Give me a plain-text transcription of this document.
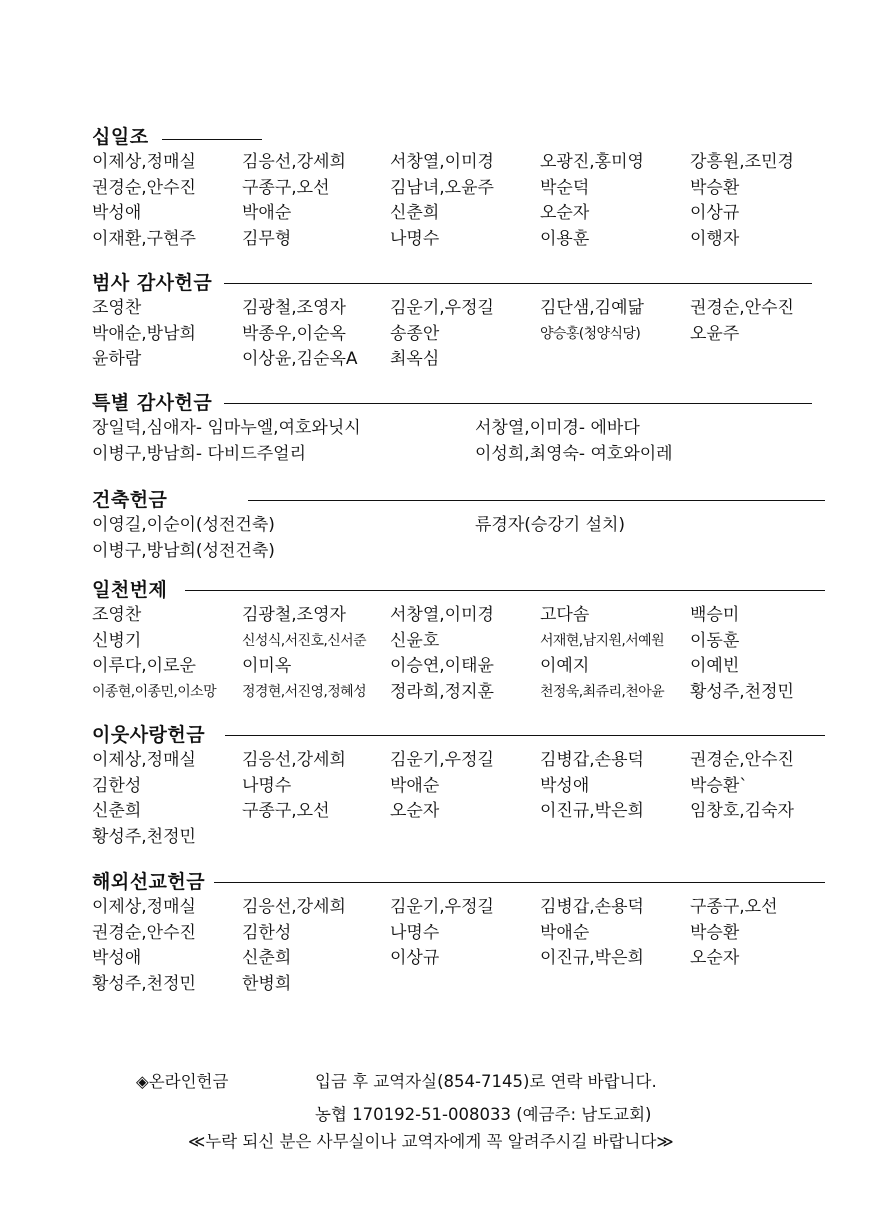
십일조
이제상,정매실	김응선,강세희	서창열,이미경	오광진,홍미영	강흥원,조민경
권경순,안수진	구종구,오선	김남녀,오윤주	박순덕	박승환
박성애	박애순	신춘희	오순자	이상규
이재환,구현주	김무형	나명수	이용훈	이행자
범사 감사헌금
조영찬	김광철,조영자	김운기,우정길	김단샘,김예닮	권경순,안수진
박애순,방남희	박종우,이순옥	송종안	양승홍(청양식당)	오윤주
윤하람	이상윤,김순옥A	최옥심
특별 감사헌금
장일덕,심애자- 임마누엘,여호와닛시	서창열,이미경- 에바다
이병구,방남희- 다비드주얼리	이성희,최영숙- 여호와이레
건축헌금
이영길,이순이(성전건축)	류경자(승강기 설치)
이병구,방남희(성전건축)
일천번제
조영찬	김광철,조영자	서창열,이미경	고다솜	백승미
신병기	신성식,서진호,신서준	신윤호	서재현,남지원,서예원	이동훈
이루다,이로운	이미옥	이승연,이태윤	이예지	이예빈
이종현,이종민,이소망	정경현,서진영,정혜성	정라희,정지훈	천정욱,최쥬리,천아윤	황성주,천정민
이웃사랑헌금
이제상,정매실	김응선,강세희	김운기,우정길	김병갑,손용덕	권경순,안수진
김한성	나명수	박애순	박성애	박승환`
신춘희	구종구,오선	오순자	이진규,박은희	임창호,김숙자
황성주,천정민
해외선교헌금
이제상,정매실	김응선,강세희	김운기,우정길	김병갑,손용덕	구종구,오선
권경순,안수진	김한성	나명수	박애순	박승환
박성애	신춘희	이상규	이진규,박은희	오순자
황성주,천정민	한병희
◈온라인헌금	입금 후 교역자실(854-7145)로 연락 바랍니다.
농협 170192-51-008033 (예금주: 남도교회)
≪누락 되신 분은 사무실이나 교역자에게 꼭 알려주시길 바랍니다≫
